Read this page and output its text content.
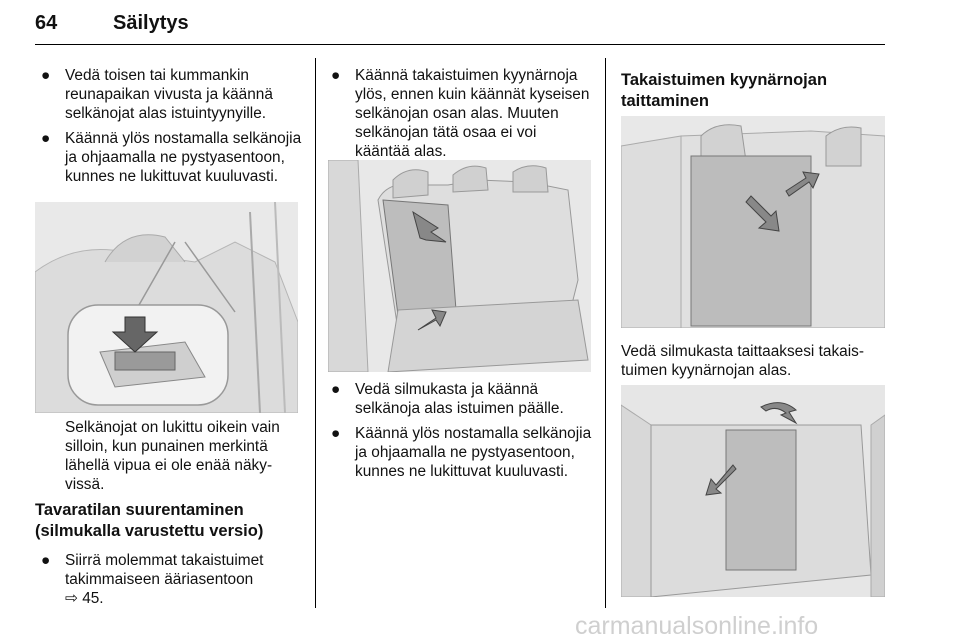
64	Säilytys
● Vedä toisen tai kummankin reunapaikan vivusta ja käännä selkänojat alas istuintyynyille.
● Käännä ylös nostamalla selkänojia ja ohjaamalla ne pystyasentoon, kunnes ne lukittuvat kuuluvasti.
Selkänojat on lukittu oikein vain silloin, kun punainen merkintä lähellä vipua ei ole enää näkyvissä.
Tavaratilan suurentaminen (silmukalla varustettu versio)
● Siirrä molemmat takaistuimet takimmaiseen ääriasentoon
⇨ 45.
● Käännä takaistuimen kyynärnoja ylös, ennen kuin käännät kyseisen selkänojan osan alas. Muuten selkänojan tätä osaa ei voi kääntää alas.
● Vedä silmukasta ja käännä selkänoja alas istuimen päälle.
● Käännä ylös nostamalla selkänojia ja ohjaamalla ne pystyasentoon, kunnes ne lukittuvat kuuluvasti.
Takaistuimen kyynärnojan taittaminen
Vedä silmukasta taittaaksesi takaistuimen kyynärnojan alas.
carmanualsonline.info
